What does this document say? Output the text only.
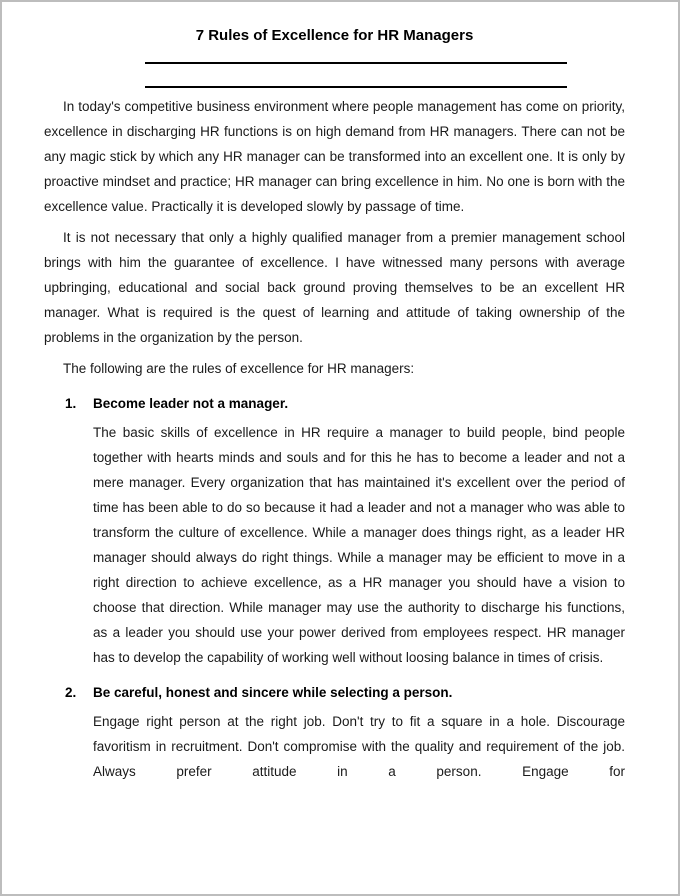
7 Rules of Excellence for HR Managers

In today's competitive business environment where people management has come on priority, excellence in discharging HR functions is on high demand from HR managers. There can not be any magic stick by which any HR manager can be transformed into an excellent one. It is only by proactive mindset and practice; HR manager can bring excellence in him. No one is born with the excellence value. Practically it is developed slowly by passage of time.

It is not necessary that only a highly qualified manager from a premier management school brings with him the guarantee of excellence. I have witnessed many persons with average upbringing, educational and social back ground proving themselves to be an excellent HR manager. What is required is the quest of learning and attitude of taking ownership of the problems in the organization by the person.

The following are the rules of excellence for HR managers:

1. Become leader not a manager.

The basic skills of excellence in HR require a manager to build people, bind people together with hearts minds and souls and for this he has to become a leader and not a mere manager. Every organization that has maintained it's excellent over the period of time has been able to do so because it had a leader and not a manager who was able to transform the culture of excellence. While a manager does things right, as a leader HR manager should always do right things. While a manager may be efficient to move in a right direction to achieve excellence, as a HR manager you should have a vision to choose that direction. While manager may use the authority to discharge his functions, as a leader you should use your power derived from employees respect. HR manager has to develop the capability of working well without loosing balance in times of crisis.

2. Be careful, honest and sincere while selecting a person.

Engage right person at the right job. Don't try to fit a square in a hole. Discourage favoritism in recruitment. Don't compromise with the quality and requirement of the job. Always prefer attitude in a person. Engage for
